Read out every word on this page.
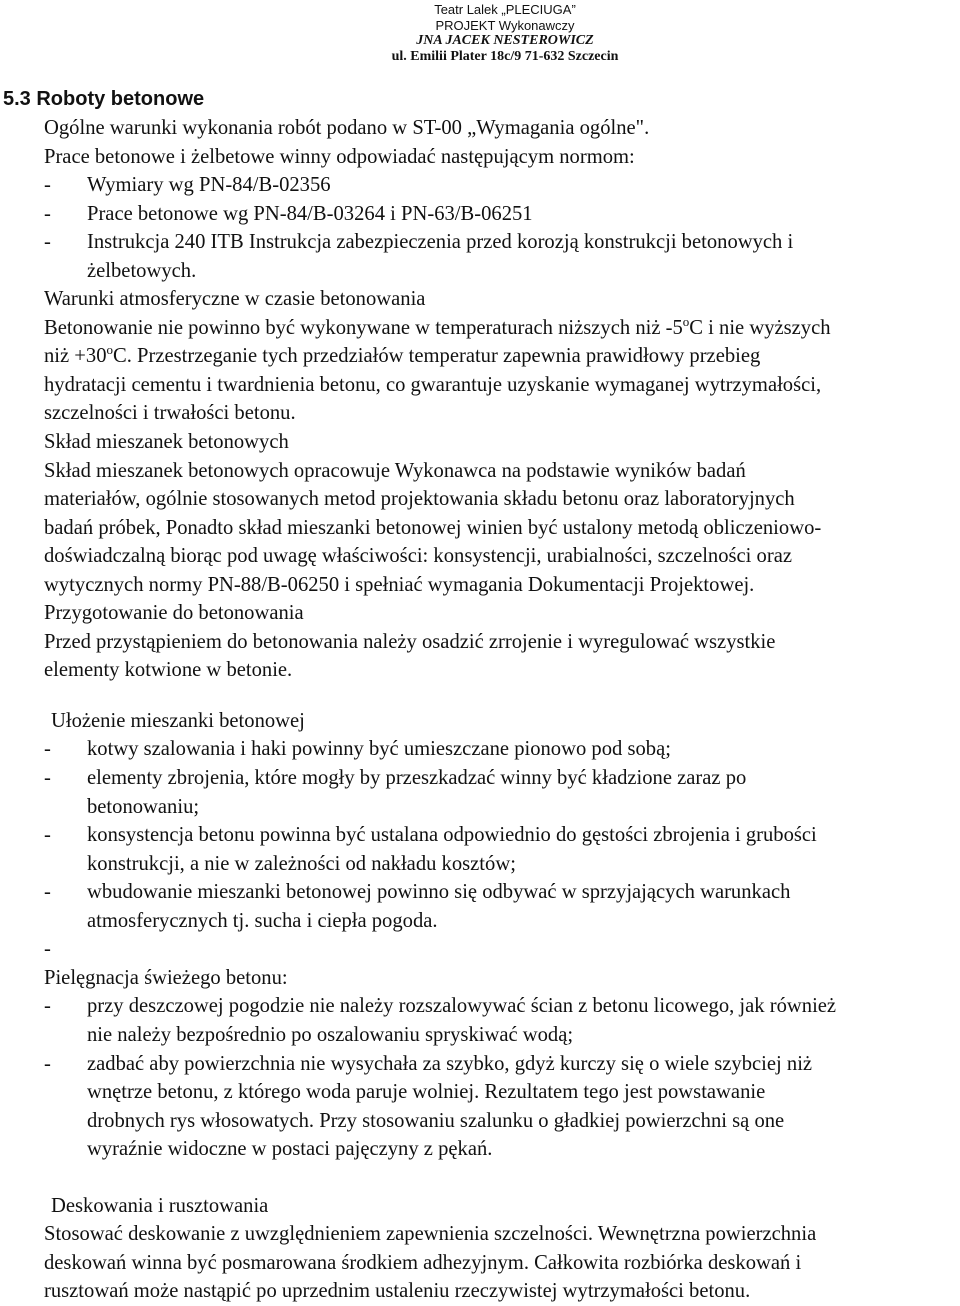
Teatr Lalek „PLECIUGA”
PROJEKT Wykonawczy
JNA JACEK NESTEROWICZ
ul. Emilii Plater 18c/9 71-632 Szczecin
5.3 Roboty betonowe
Ogólne warunki wykonania robót podano w ST-00 „Wymagania ogólne".
Prace betonowe i żelbetowe winny odpowiadać następującym normom:
- Wymiary wg PN-84/B-02356
- Prace betonowe wg PN-84/B-03264 i PN-63/B-06251
- Instrukcja 240 ITB Instrukcja zabezpieczenia przed korozją konstrukcji betonowych i
żelbetowych.
Warunki atmosferyczne w czasie betonowania
Betonowanie nie powinno być wykonywane w temperaturach niższych niż -5$^o$C i nie wyższych
niż $+30^oC$. Przestrzeganie tych przedziałów temperatur zapewnia prawidłowy przebieg
hydratacji cementu i twardnienia betonu, co gwarantuje uzyskanie wymaganej wytrzymałości,
szczelności i trwałości betonu.
Skład mieszanek betonowych
Skład mieszanek betonowych opracowuje Wykonawca na podstawie wyników badań
materiałów, ogólnie stosowanych metod projektowania składu betonu oraz laboratoryjnych
badań próbek, Ponadto skład mieszanki betonowej winien być ustalony metodą obliczeniowo-
doświadczalną biorąc pod uwagę właściwości: konsystencji, urabialności, szczelności oraz
wytycznych normy PN-88/B-06250 i spełniać wymagania Dokumentacji Projektowej.
Przygotowanie do betonowania
Przed przystąpieniem do betonowania należy osadzić zrrojenie i wyregulować wszystkie
elementy kotwione w betonie.
Ułożenie mieszanki betonowej
- kotwy szalowania i haki powinny być umieszczane pionowo pod sobą;
- elementy zbrojenia, które mogły by przeszkadzać winny być kładzione zaraz po
betonowaniu;
- konsystencja betonu powinna być ustalana odpowiednio do gęstości zbrojenia i grubości
konstrukcji, a nie w zależności od nakładu kosztów;
- wbudowanie mieszanki betonowej powinno się odbywać w sprzyjających warunkach
atmosferycznych tj. sucha i ciepła pogoda.
-
Pielęgnacja świeżego betonu:
- przy deszczowej pogodzie nie należy rozszalowywać ścian z betonu licowego, jak również
nie należy bezpośrednio po oszalowaniu spryskiwać wodą;
- zadbać aby powierzchnia nie wysychała za szybko, gdyż kurczy się o wiele szybciej niż
wnętrze betonu, z którego woda paruje wolniej. Rezultatem tego jest powstawanie
drobnych rys włosowatych. Przy stosowaniu szalunku o gładkiej powierzchni są one
wyraźnie widoczne w postaci pajęczyny z pękań.
Deskowania i rusztowania
Stosować deskowanie z uwzględnieniem zapewnienia szczelności. Wewnętrzna powierzchnia
deskowań winna być posmarowana środkiem adhezyjnym. Całkowita rozbiórka deskowań i
rusztowań może nastąpić po uprzednim ustaleniu rzeczywistej wytrzymałości betonu.
